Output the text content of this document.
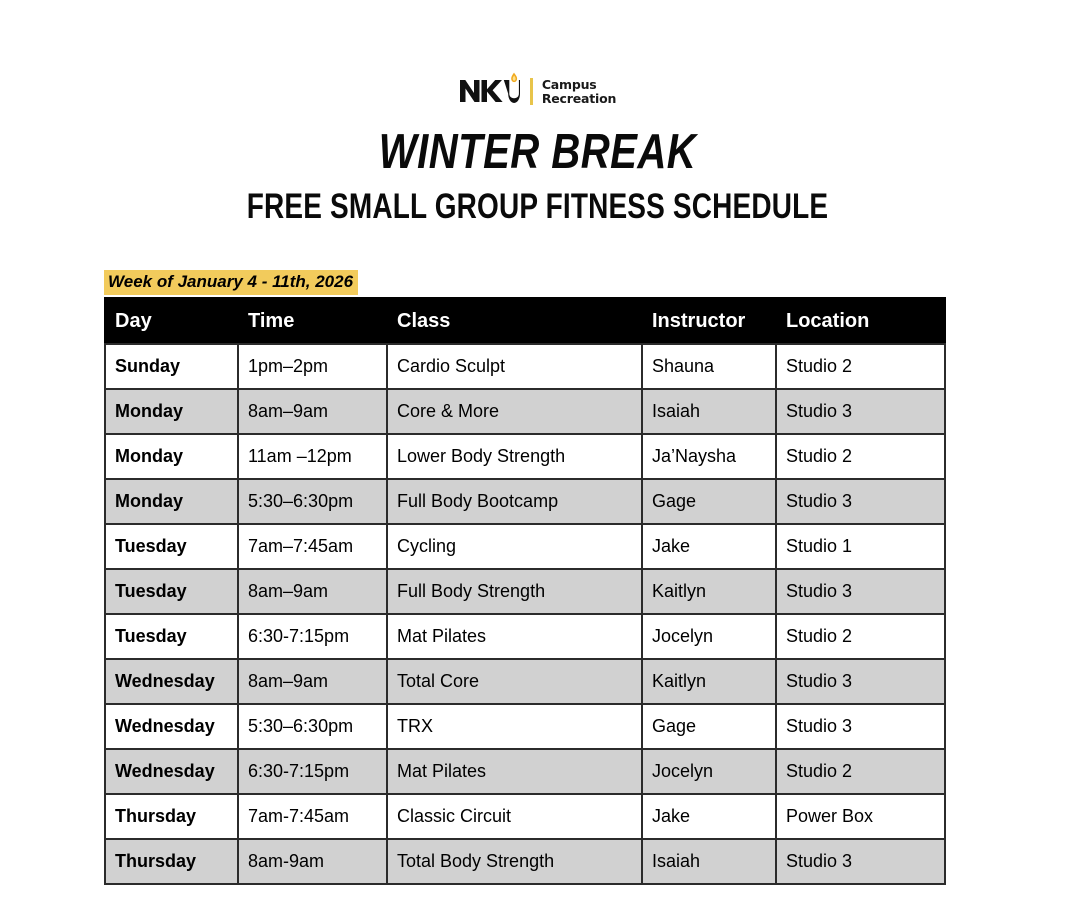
Campus
Recreation
WINTER BREAK
FREE SMALL GROUP FITNESS SCHEDULE
Week of January 4 - 11th, 2026
Day	Time	Class	Instructor	Location
Sunday	1pm–2pm	Cardio Sculpt	Shauna	Studio 2
Monday	8am–9am	Core & More	Isaiah	Studio 3
Monday	11am –12pm	Lower Body Strength	Ja’Naysha	Studio 2
Monday	5:30–6:30pm	Full Body Bootcamp	Gage	Studio 3
Tuesday	7am–7:45am	Cycling	Jake	Studio 1
Tuesday	8am–9am	Full Body Strength	Kaitlyn	Studio 3
Tuesday	6:30-7:15pm	Mat Pilates	Jocelyn	Studio 2
Wednesday	8am–9am	Total Core	Kaitlyn	Studio 3
Wednesday	5:30–6:30pm	TRX	Gage	Studio 3
Wednesday	6:30-7:15pm	Mat Pilates	Jocelyn	Studio 2
Thursday	7am-7:45am	Classic Circuit	Jake	Power Box
Thursday	8am-9am	Total Body Strength	Isaiah	Studio 3
